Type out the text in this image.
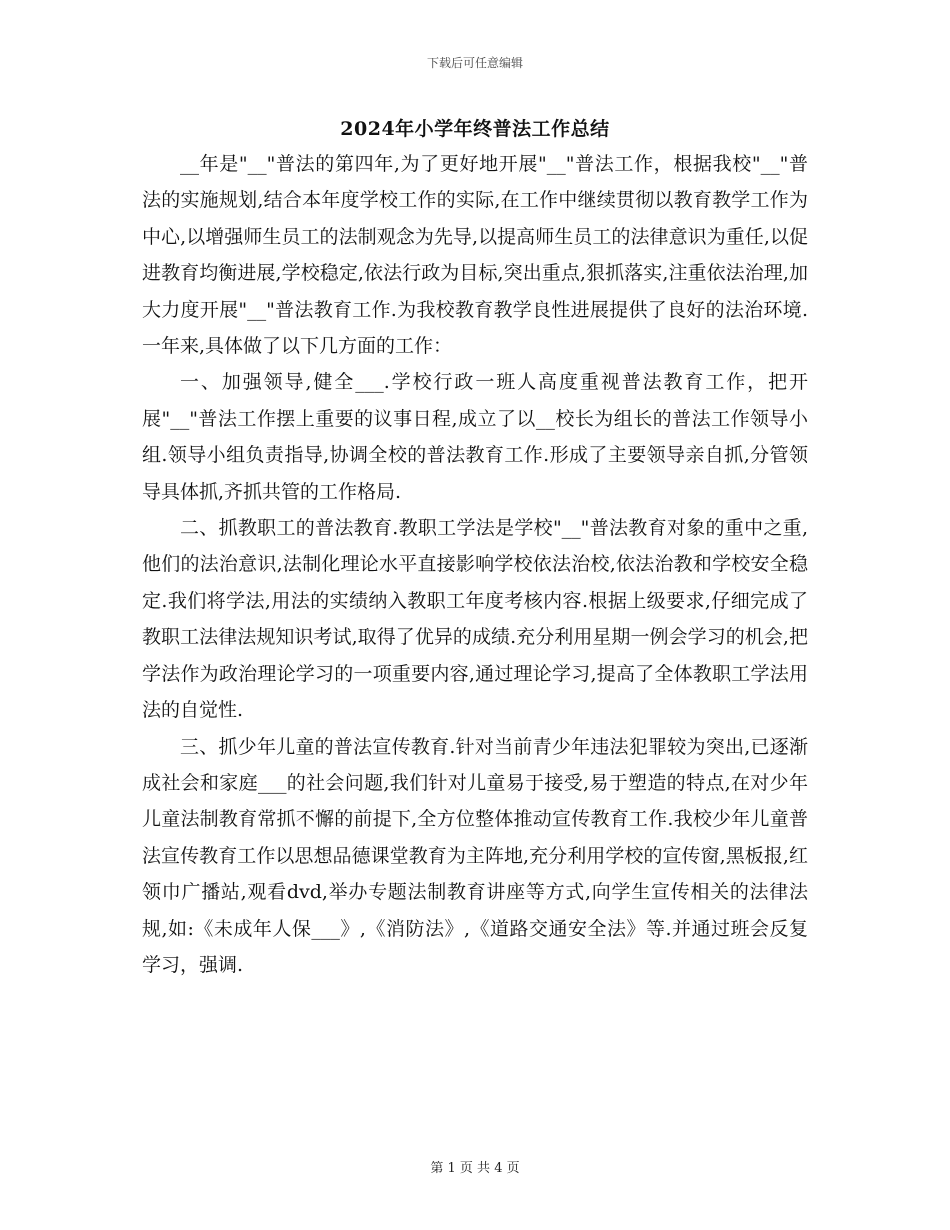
下载后可任意编辑
2024年小学年终普法工作总结

__年是"__"普法的第四年,为了更好地开展"__"普法工作，根据我校"__"普法的实施规划,结合本年度学校工作的实际,在工作中继续贯彻以教育教学工作为中心,以增强师生员工的法制观念为先导,以提高师生员工的法律意识为重任,以促进教育均衡进展,学校稳定,依法行政为目标,突出重点,狠抓落实,注重依法治理,加大力度开展"__"普法教育工作.为我校教育教学良性进展提供了良好的法治环境.一年来,具体做了以下几方面的工作：

一、加强领导,健全___.学校行政一班人高度重视普法教育工作，把开展"__"普法工作摆上重要的议事日程,成立了以__校长为组长的普法工作领导小组.领导小组负责指导,协调全校的普法教育工作.形成了主要领导亲自抓,分管领导具体抓,齐抓共管的工作格局.

二、抓教职工的普法教育.教职工学法是学校"__"普法教育对象的重中之重,他们的法治意识,法制化理论水平直接影响学校依法治校,依法治教和学校安全稳定.我们将学法,用法的实绩纳入教职工年度考核内容.根据上级要求,仔细完成了教职工法律法规知识考试,取得了优异的成绩.充分利用星期一例会学习的机会,把学法作为政治理论学习的一项重要内容,通过理论学习,提高了全体教职工学法用法的自觉性.

三、抓少年儿童的普法宣传教育.针对当前青少年违法犯罪较为突出,已逐渐成社会和家庭___的社会问题,我们针对儿童易于接受,易于塑造的特点,在对少年儿童法制教育常抓不懈的前提下,全方位整体推动宣传教育工作.我校少年儿童普法宣传教育工作以思想品德课堂教育为主阵地,充分利用学校的宣传窗,黑板报,红领巾广播站,观看dvd,举办专题法制教育讲座等方式,向学生宣传相关的法律法规,如:《未成年人保___》,《消防法》,《道路交通安全法》等.并通过班会反复学习，强调.

第 1 页 共 4 页
